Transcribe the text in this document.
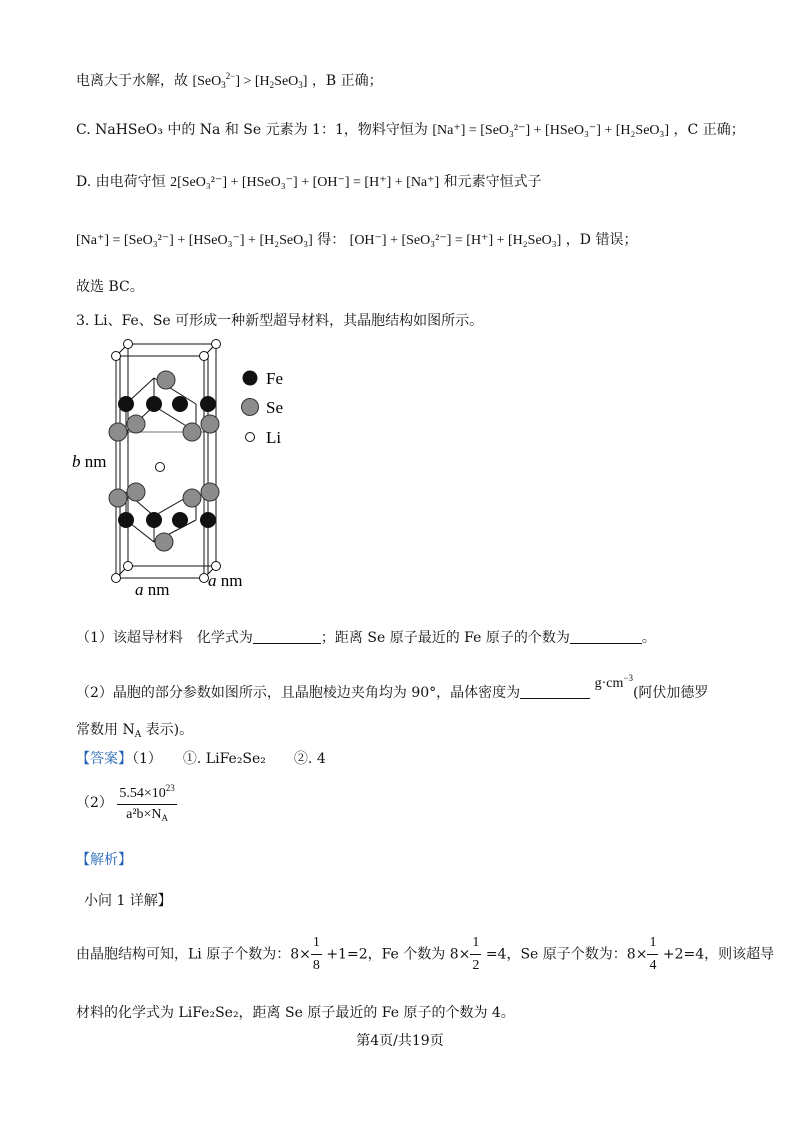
电离大于水解，故 $[SeO_3^{2-}] > [H_2SeO_3]$ ，B 正确；
C. NaHSeO₃ 中的 Na 和 Se 元素为 1：1，物料守恒为 [Na⁺] = [SeO₃²⁻] + [HSeO₃⁻] + [H₂SeO₃] ，C 正确；
D. 由电荷守恒 2[SeO₃²⁻] + [HSeO₃⁻] + [OH⁻] = [H⁺] + [Na⁺] 和元素守恒式子
[Na⁺] = [SeO₃²⁻] + [HSeO₃⁻] + [H₂SeO₃] 得： [OH⁻] + [SeO₃²⁻] = [H⁺] + [H₂SeO₃] ，D 错误；
故选 BC。
3. Li、Fe、Se 可形成一种新型超导材料，其晶胞结构如图所示。
Fe
Se
Li
b nm
a nm a nm
（1）该超导材料　化学式为	；距离 Se 原子最近的 Fe 原子的个数为	。
（2）晶胞的部分参数如图所示，且晶胞棱边夹角均为 90°，晶体密度为 $g\cdot cm^{-3}$(阿伏加德罗
常数用 $N_A$ 表示)。
【答案】（1）　　①. LiFe₂Se₂　　②. 4
$(2) \frac{5.54\times 10^{23}}{a^2b\times N_A}$
【解析】
小问 1 详解】
由晶胞结构可知，Li 原子个数为：$8\times \frac{1}{8} +1=2$，Fe 个数为 $8\times \frac{1}{2} =4$，Se 原子个数为：$8\times \frac{1}{4} +2=4$，则该超导
材料的化学式为 LiFe₂Se₂，距离 Se 原子最近的 Fe 原子的个数为 4。
第4页/共19页
